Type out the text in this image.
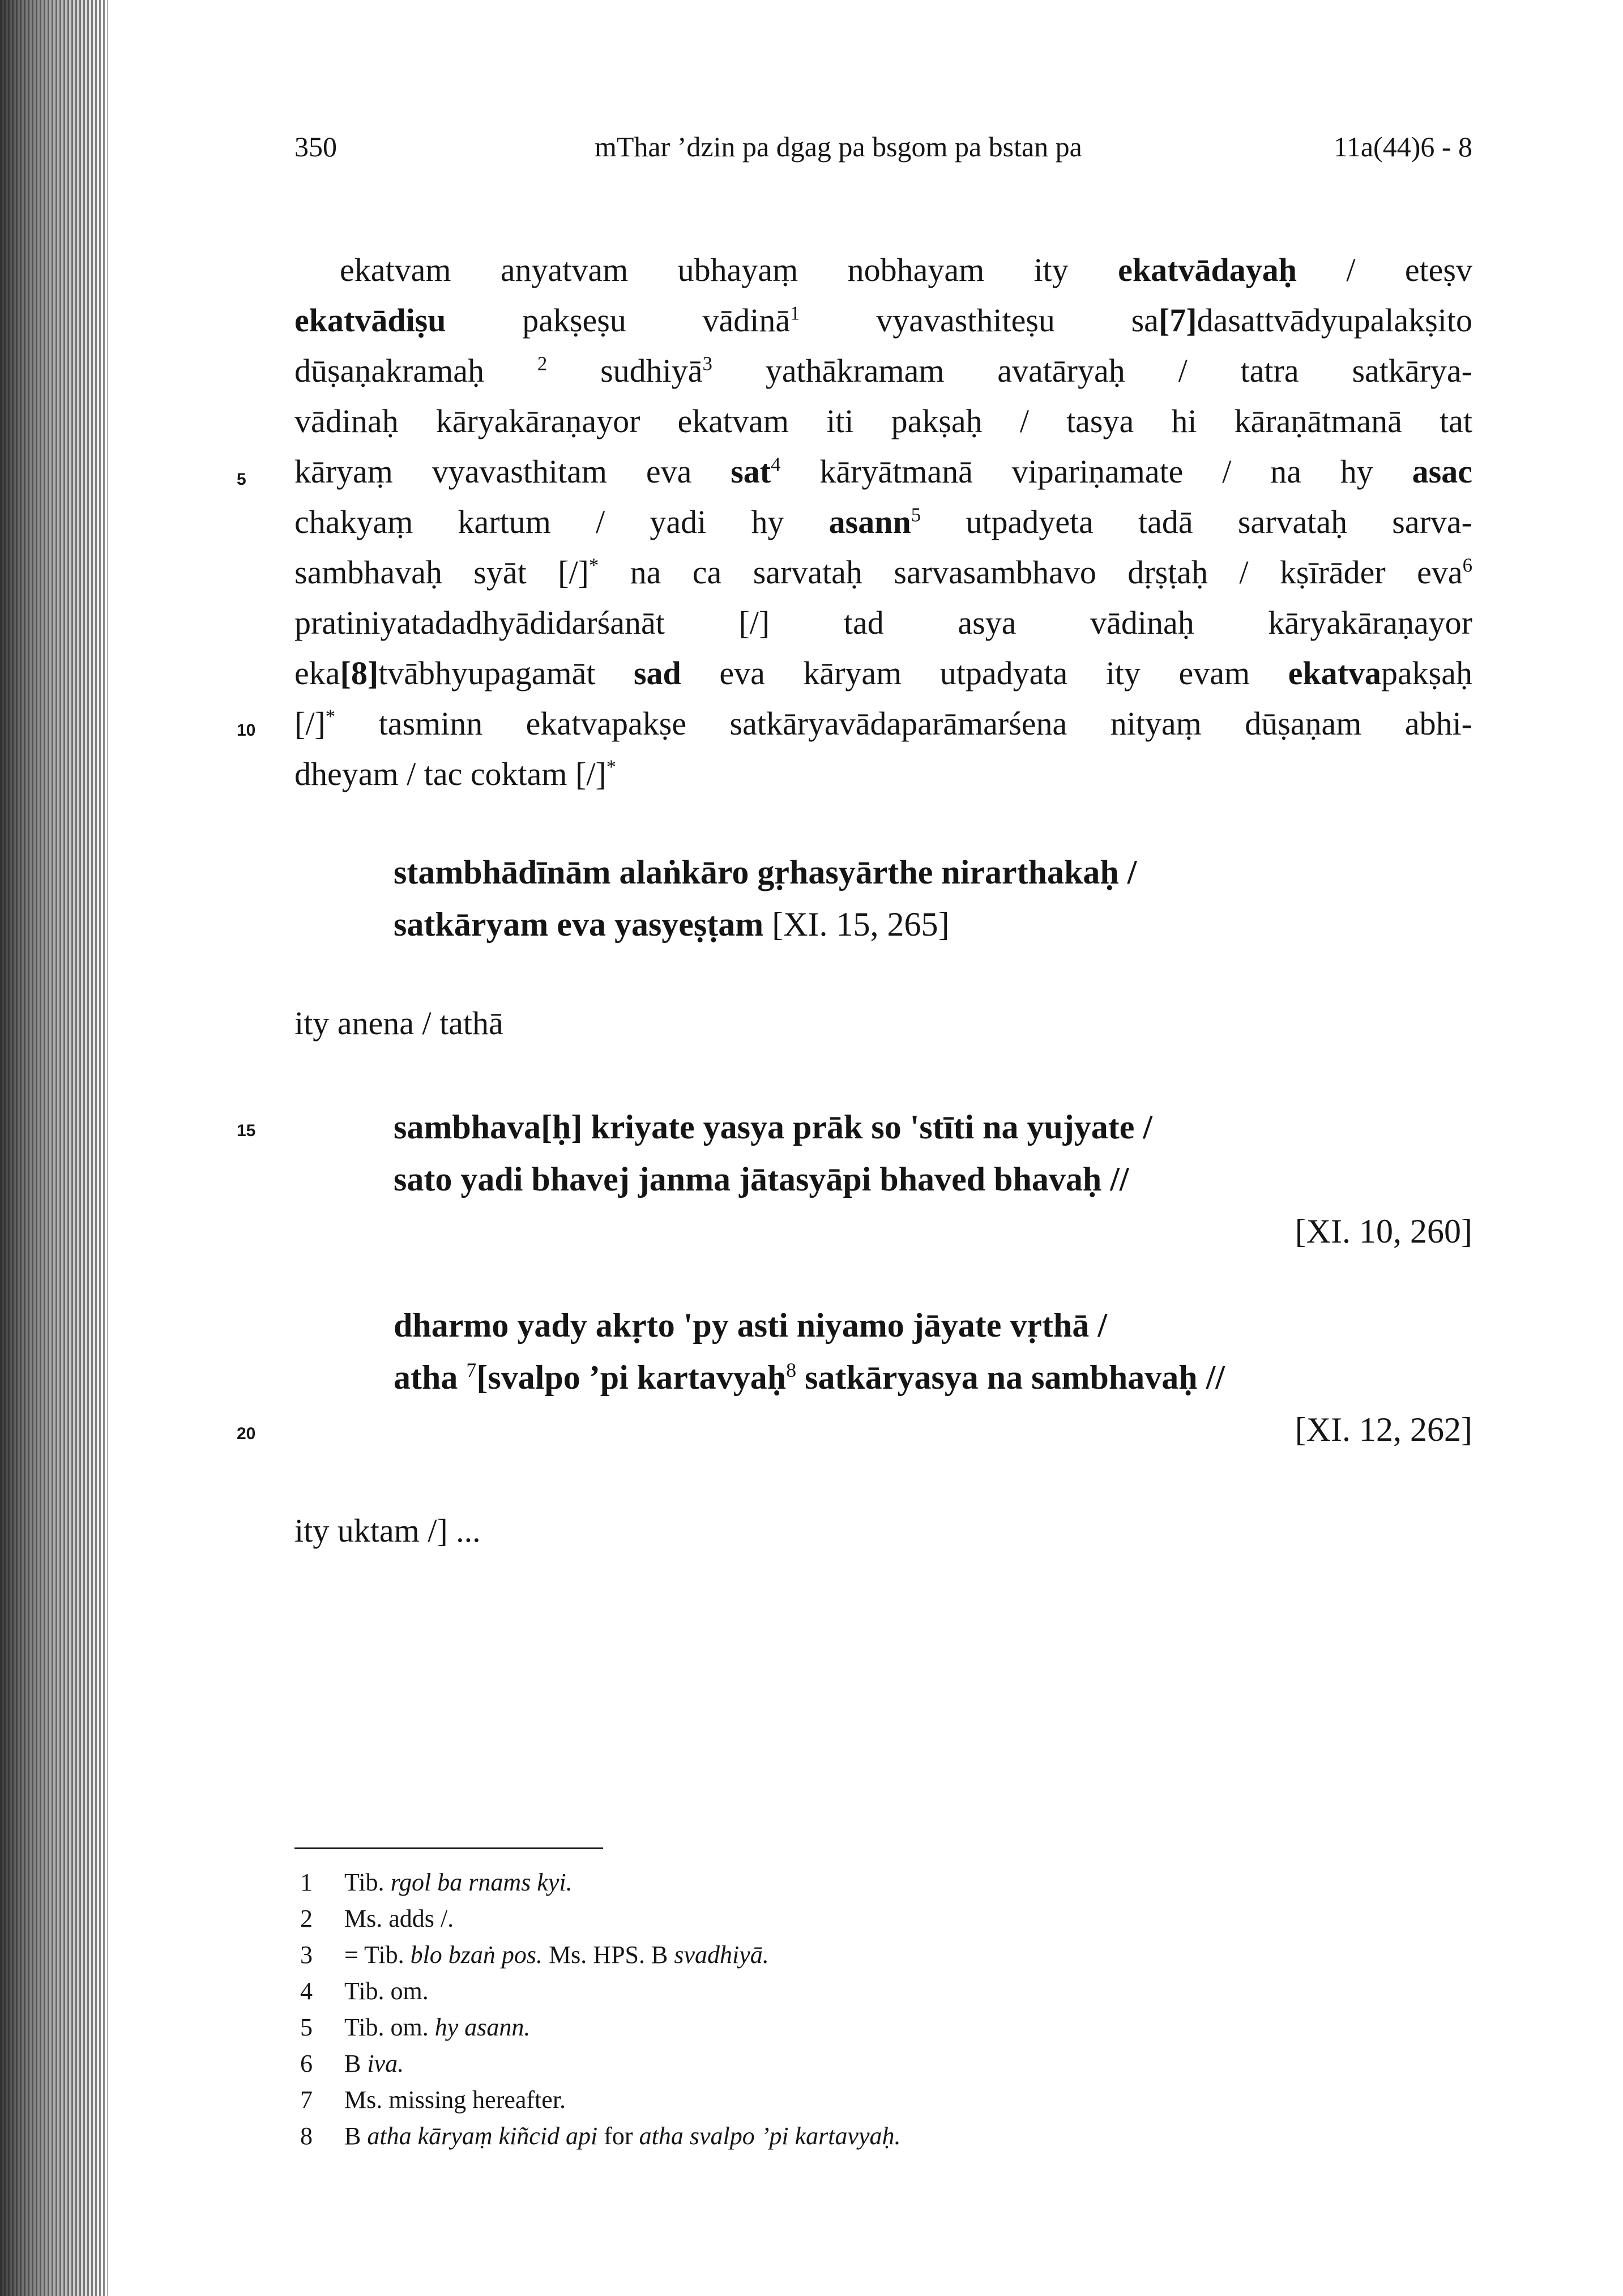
350	mThar ’dzin pa dgag pa bsgom pa bstan pa	11a(44)6 - 8
5
10
15
20
ekatvam anyatvam ubhayaṃ nobhayam ity ekatvādayaḥ / eteṣv
ekatvādiṣu pakṣeṣu vādinā$^1$ vyavasthiteṣu sa[7]dasattvādyupalakṣito
dūṣaṇakramaḥ $^2$ sudhiyā$^3$ yathākramam avatāryaḥ / tatra satkārya-
vādinaḥ kāryakāraṇayor ekatvam iti pakṣaḥ / tasya hi kāraṇātmanā tat
kāryaṃ vyavasthitam eva sat$^4$ kāryātmanā vipariṇamate / na hy asac
chakyaṃ kartum / yadi hy asann$^5$ utpadyeta tadā sarvataḥ sarva-
sambhavaḥ syāt [/]* na ca sarvataḥ sarvasambhavo dṛṣṭaḥ / kṣīrāder eva$^6$
pratiniyatadadhyādidarśanāt [/] tad asya vādinaḥ kāryakāraṇayor
eka[8]tvābhyupagamāt sad eva kāryam utpadyata ity evam ekatvapakṣaḥ
[/]* tasminn ekatvapakṣe satkāryavādaparāmarśena nityaṃ dūṣaṇam abhi-
dheyam / tac coktam [/]*
stambhādīnām alaṅkāro gṛhasyārthe nirarthakaḥ /
satkāryam eva yasyeṣṭam [XI. 15, 265]
ity anena / tathā
sambhava[ḥ] kriyate yasya prāk so 'stīti na yujyate /
sato yadi bhavej janma jātasyāpi bhaved bhavaḥ //
[XI. 10, 260]
dharmo yady akṛto 'py asti niyamo jāyate vṛthā /
atha $^7$[svalpo ’pi kartavyaḥ$^8$ satkāryasya na sambhavaḥ //
[XI. 12, 262]
ity uktam /] ...
1 Tib. rgol ba rnams kyi.
2 Ms. adds /.
3 = Tib. blo bzaṅ pos. Ms. HPS. B svadhiyā.
4 Tib. om.
5 Tib. om. hy asann.
6 B iva.
7 Ms. missing hereafter.
8 B atha kāryaṃ kiñcid api for atha svalpo ’pi kartavyaḥ.
